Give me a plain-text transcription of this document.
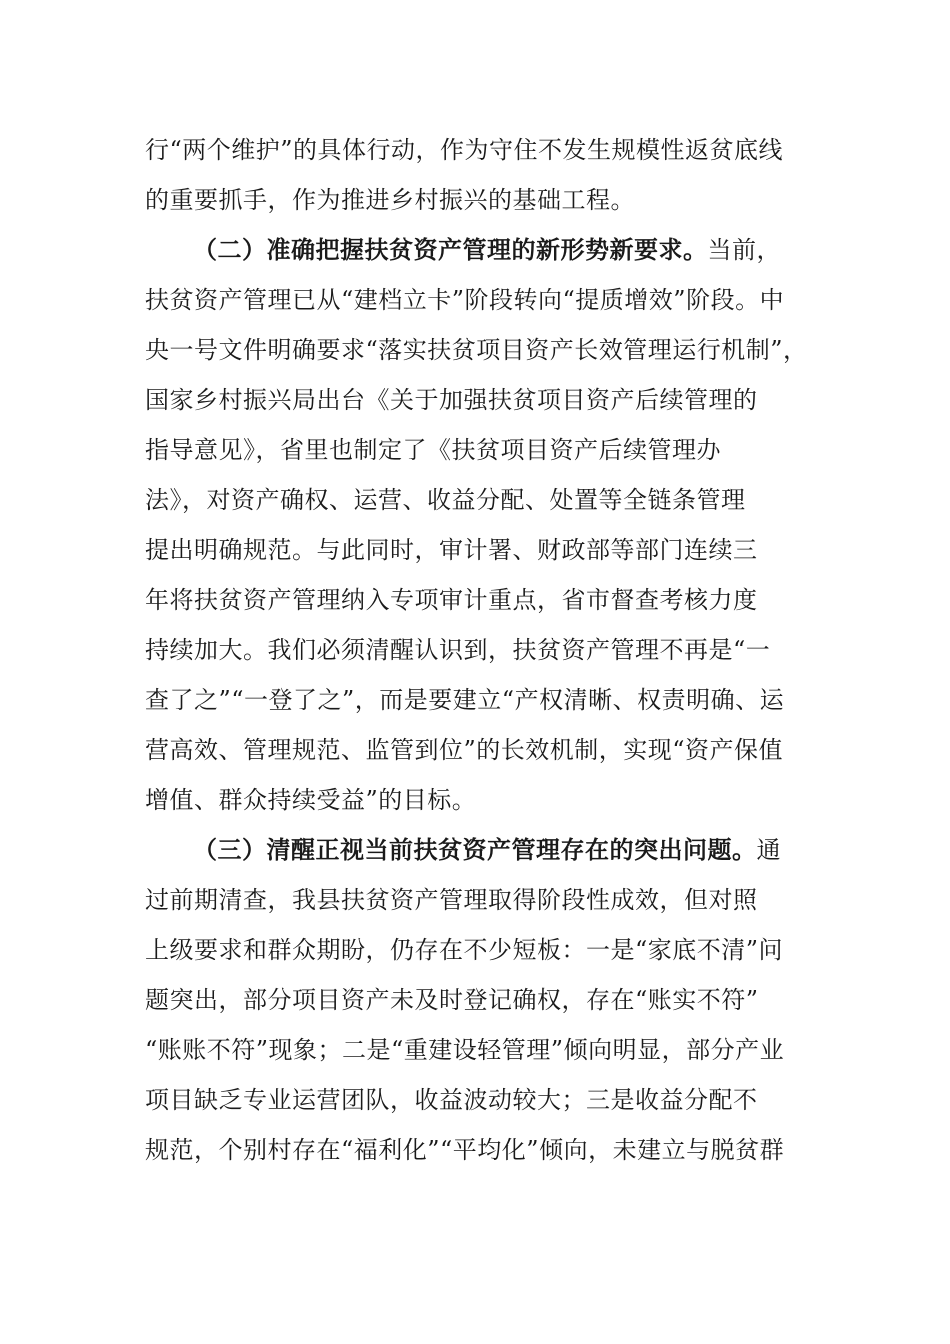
行“两个维护”的具体行动，作为守住不发生规模性返贫底线
的重要抓手，作为推进乡村振兴的基础工程。
（二）准确把握扶贫资产管理的新形势新要求。当前，
扶贫资产管理已从“建档立卡”阶段转向“提质增效”阶段。中
央一号文件明确要求“落实扶贫项目资产长效管理运行机制”，
国家乡村振兴局出台《关于加强扶贫项目资产后续管理的
指导意见》，省里也制定了《扶贫项目资产后续管理办
法》，对资产确权、运营、收益分配、处置等全链条管理
提出明确规范。与此同时，审计署、财政部等部门连续三
年将扶贫资产管理纳入专项审计重点，省市督查考核力度
持续加大。我们必须清醒认识到，扶贫资产管理不再是“一
查了之”“一登了之”，而是要建立“产权清晰、权责明确、运
营高效、管理规范、监管到位”的长效机制，实现“资产保值
增值、群众持续受益”的目标。
（三）清醒正视当前扶贫资产管理存在的突出问题。通
过前期清查，我县扶贫资产管理取得阶段性成效，但对照
上级要求和群众期盼，仍存在不少短板：一是“家底不清”问
题突出，部分项目资产未及时登记确权，存在“账实不符”
“账账不符”现象；二是“重建设轻管理”倾向明显，部分产业
项目缺乏专业运营团队，收益波动较大；三是收益分配不
规范，个别村存在“福利化”“平均化”倾向，未建立与脱贫群
